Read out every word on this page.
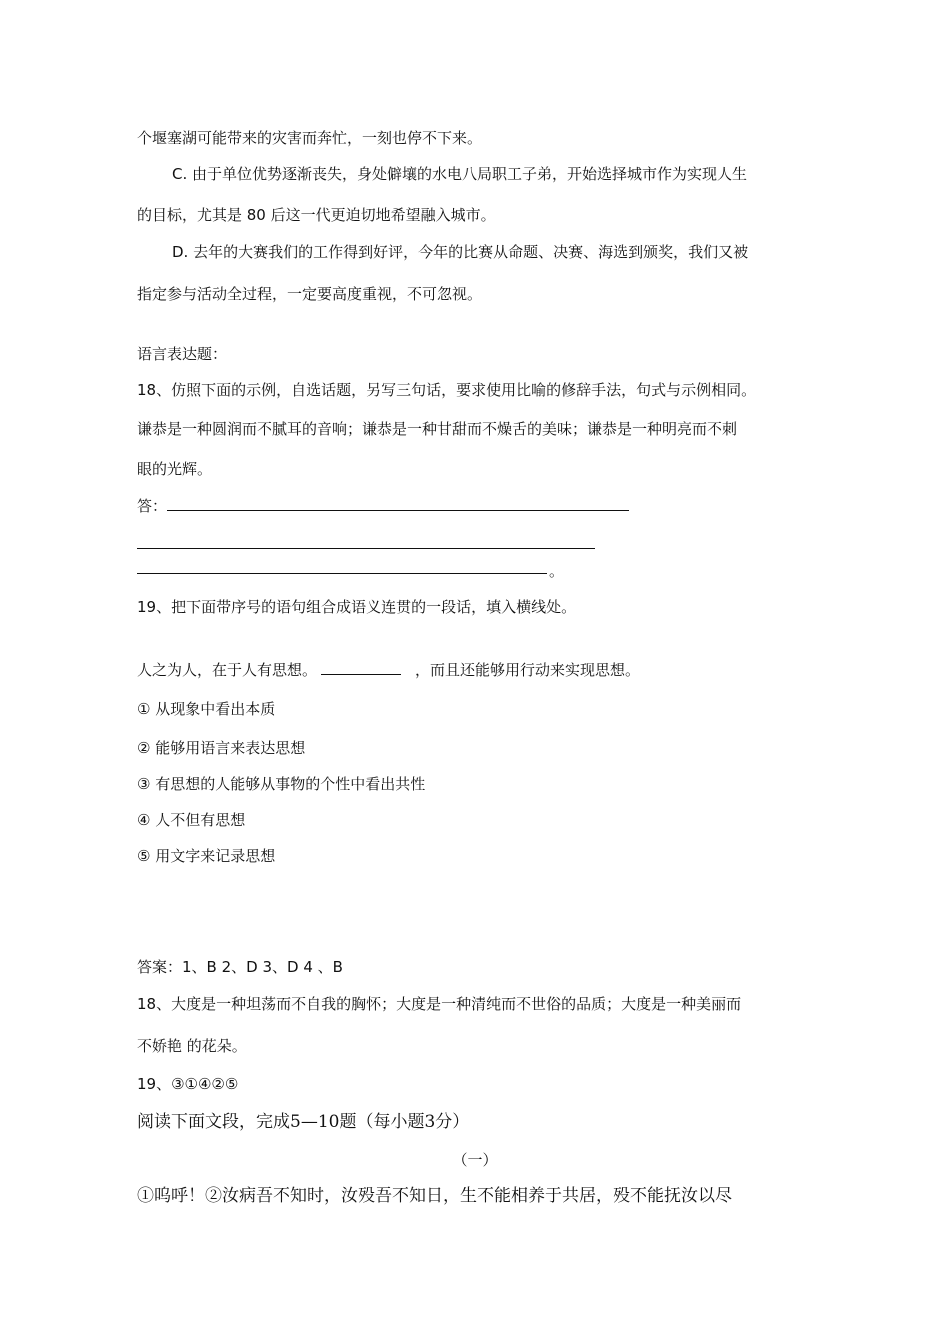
个堰塞湖可能带来的灾害而奔忙，一刻也停不下来。
C. 由于单位优势逐渐丧失，身处僻壤的水电八局职工子弟，开始选择城市作为实现人生
的目标，尤其是 80 后这一代更迫切地希望融入城市。
D. 去年的大赛我们的工作得到好评，今年的比赛从命题、决赛、海选到颁奖，我们又被
指定参与活动全过程，一定要高度重视，不可忽视。
语言表达题：
18、仿照下面的示例，自选话题，另写三句话，要求使用比喻的修辞手法，句式与示例相同。
谦恭是一种圆润而不腻耳的音响；谦恭是一种甘甜而不燥舌的美味；谦恭是一种明亮而不刺
眼的光辉。
答：
。
19、把下面带序号的语句组合成语义连贯的一段话，填入横线处。
人之为人，在于人有思想。	，而且还能够用行动来实现思想。
① 从现象中看出本质
② 能够用语言来表达思想
③ 有思想的人能够从事物的个性中看出共性
④ 人不但有思想
⑤ 用文字来记录思想
答案：1、B 2、D 3、D 4 、B
18、大度是一种坦荡而不自我的胸怀；大度是一种清纯而不世俗的品质；大度是一种美丽而
不娇艳 的花朵。
19、③①④②⑤
阅读下面文段，完成5—10题（每小题3分）
（一）
①呜呼！②汝病吾不知时，汝殁吾不知日，生不能相养于共居，殁不能抚汝以尽
